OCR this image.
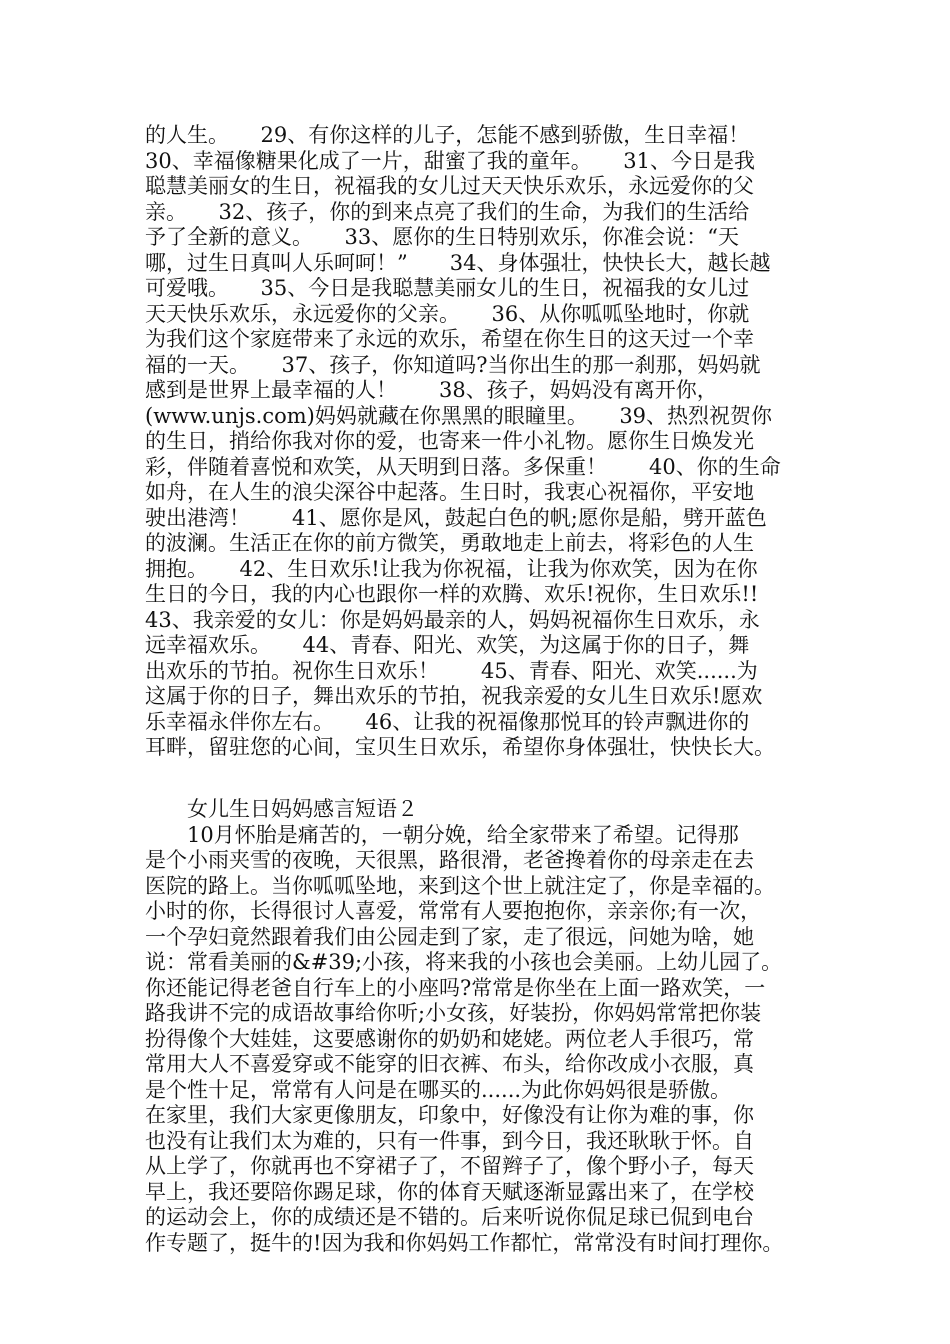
的人生。　　29、有你这样的儿子，怎能不感到骄傲，生日幸福！
30、幸福像糖果化成了一片，甜蜜了我的童年。　　31、今日是我
聪慧美丽女的生日，祝福我的女儿过天天快乐欢乐，永远爱你的父
亲。　　32、孩子，你的到来点亮了我们的生命，为我们的生活给
予了全新的意义。　　33、愿你的生日特别欢乐，你准会说：“天
哪，过生日真叫人乐呵呵！”　　34、身体强壮，快快长大，越长越
可爱哦。　　35、今日是我聪慧美丽女儿的生日，祝福我的女儿过
天天快乐欢乐，永远爱你的父亲。　　36、从你呱呱坠地时，你就
为我们这个家庭带来了永远的欢乐，希望在你生日的这天过一个幸
福的一天。　　37、孩子，你知道吗?当你出生的那一刹那，妈妈就
感到是世界上最幸福的人！　　38、孩子，妈妈没有离开你，
(www.unjs.com)妈妈就藏在你黑黑的眼瞳里。　　39、热烈祝贺你
的生日，捎给你我对你的爱，也寄来一件小礼物。愿你生日焕发光
彩，伴随着喜悦和欢笑，从天明到日落。多保重！　　40、你的生命
如舟，在人生的浪尖深谷中起落。生日时，我衷心祝福你，平安地
驶出港湾！　　41、愿你是风，鼓起白色的帆;愿你是船，劈开蓝色
的波澜。生活正在你的前方微笑，勇敢地走上前去，将彩色的人生
拥抱。　　42、生日欢乐!让我为你祝福，让我为你欢笑，因为在你
生日的今日，我的内心也跟你一样的欢腾、欢乐!祝你，生日欢乐!!
43、我亲爱的女儿：你是妈妈最亲的人，妈妈祝福你生日欢乐，永
远幸福欢乐。　　44、青春、阳光、欢笑，为这属于你的日子，舞
出欢乐的节拍。祝你生日欢乐！　　45、青春、阳光、欢笑......为
这属于你的日子，舞出欢乐的节拍，祝我亲爱的女儿生日欢乐!愿欢
乐幸福永伴你左右。　　46、让我的祝福像那悦耳的铃声飘进你的
耳畔，留驻您的心间，宝贝生日欢乐，希望你身体强壮，快快长大。
　　女儿生日妈妈感言短语２
　　10月怀胎是痛苦的，一朝分娩，给全家带来了希望。记得那
是个小雨夹雪的夜晚，天很黑，路很滑，老爸搀着你的母亲走在去
医院的路上。当你呱呱坠地，来到这个世上就注定了，你是幸福的。
小时的你，长得很讨人喜爱，常常有人要抱抱你，亲亲你;有一次，
一个孕妇竟然跟着我们由公园走到了家，走了很远，问她为啥，她
说：常看美丽的&#39;小孩，将来我的小孩也会美丽。上幼儿园了。
你还能记得老爸自行车上的小座吗?常常是你坐在上面一路欢笑，一
路我讲不完的成语故事给你听;小女孩，好装扮，你妈妈常常把你装
扮得像个大娃娃，这要感谢你的奶奶和姥姥。两位老人手很巧，常
常用大人不喜爱穿或不能穿的旧衣裤、布头，给你改成小衣服，真
是个性十足，常常有人问是在哪买的......为此你妈妈很是骄傲。
在家里，我们大家更像朋友，印象中，好像没有让你为难的事，你
也没有让我们太为难的，只有一件事，到今日，我还耿耿于怀。自
从上学了，你就再也不穿裙子了，不留辫子了，像个野小子，每天
早上，我还要陪你踢足球，你的体育天赋逐渐显露出来了，在学校
的运动会上，你的成绩还是不错的。后来听说你侃足球已侃到电台
作专题了，挺牛的!因为我和你妈妈工作都忙，常常没有时间打理你。
